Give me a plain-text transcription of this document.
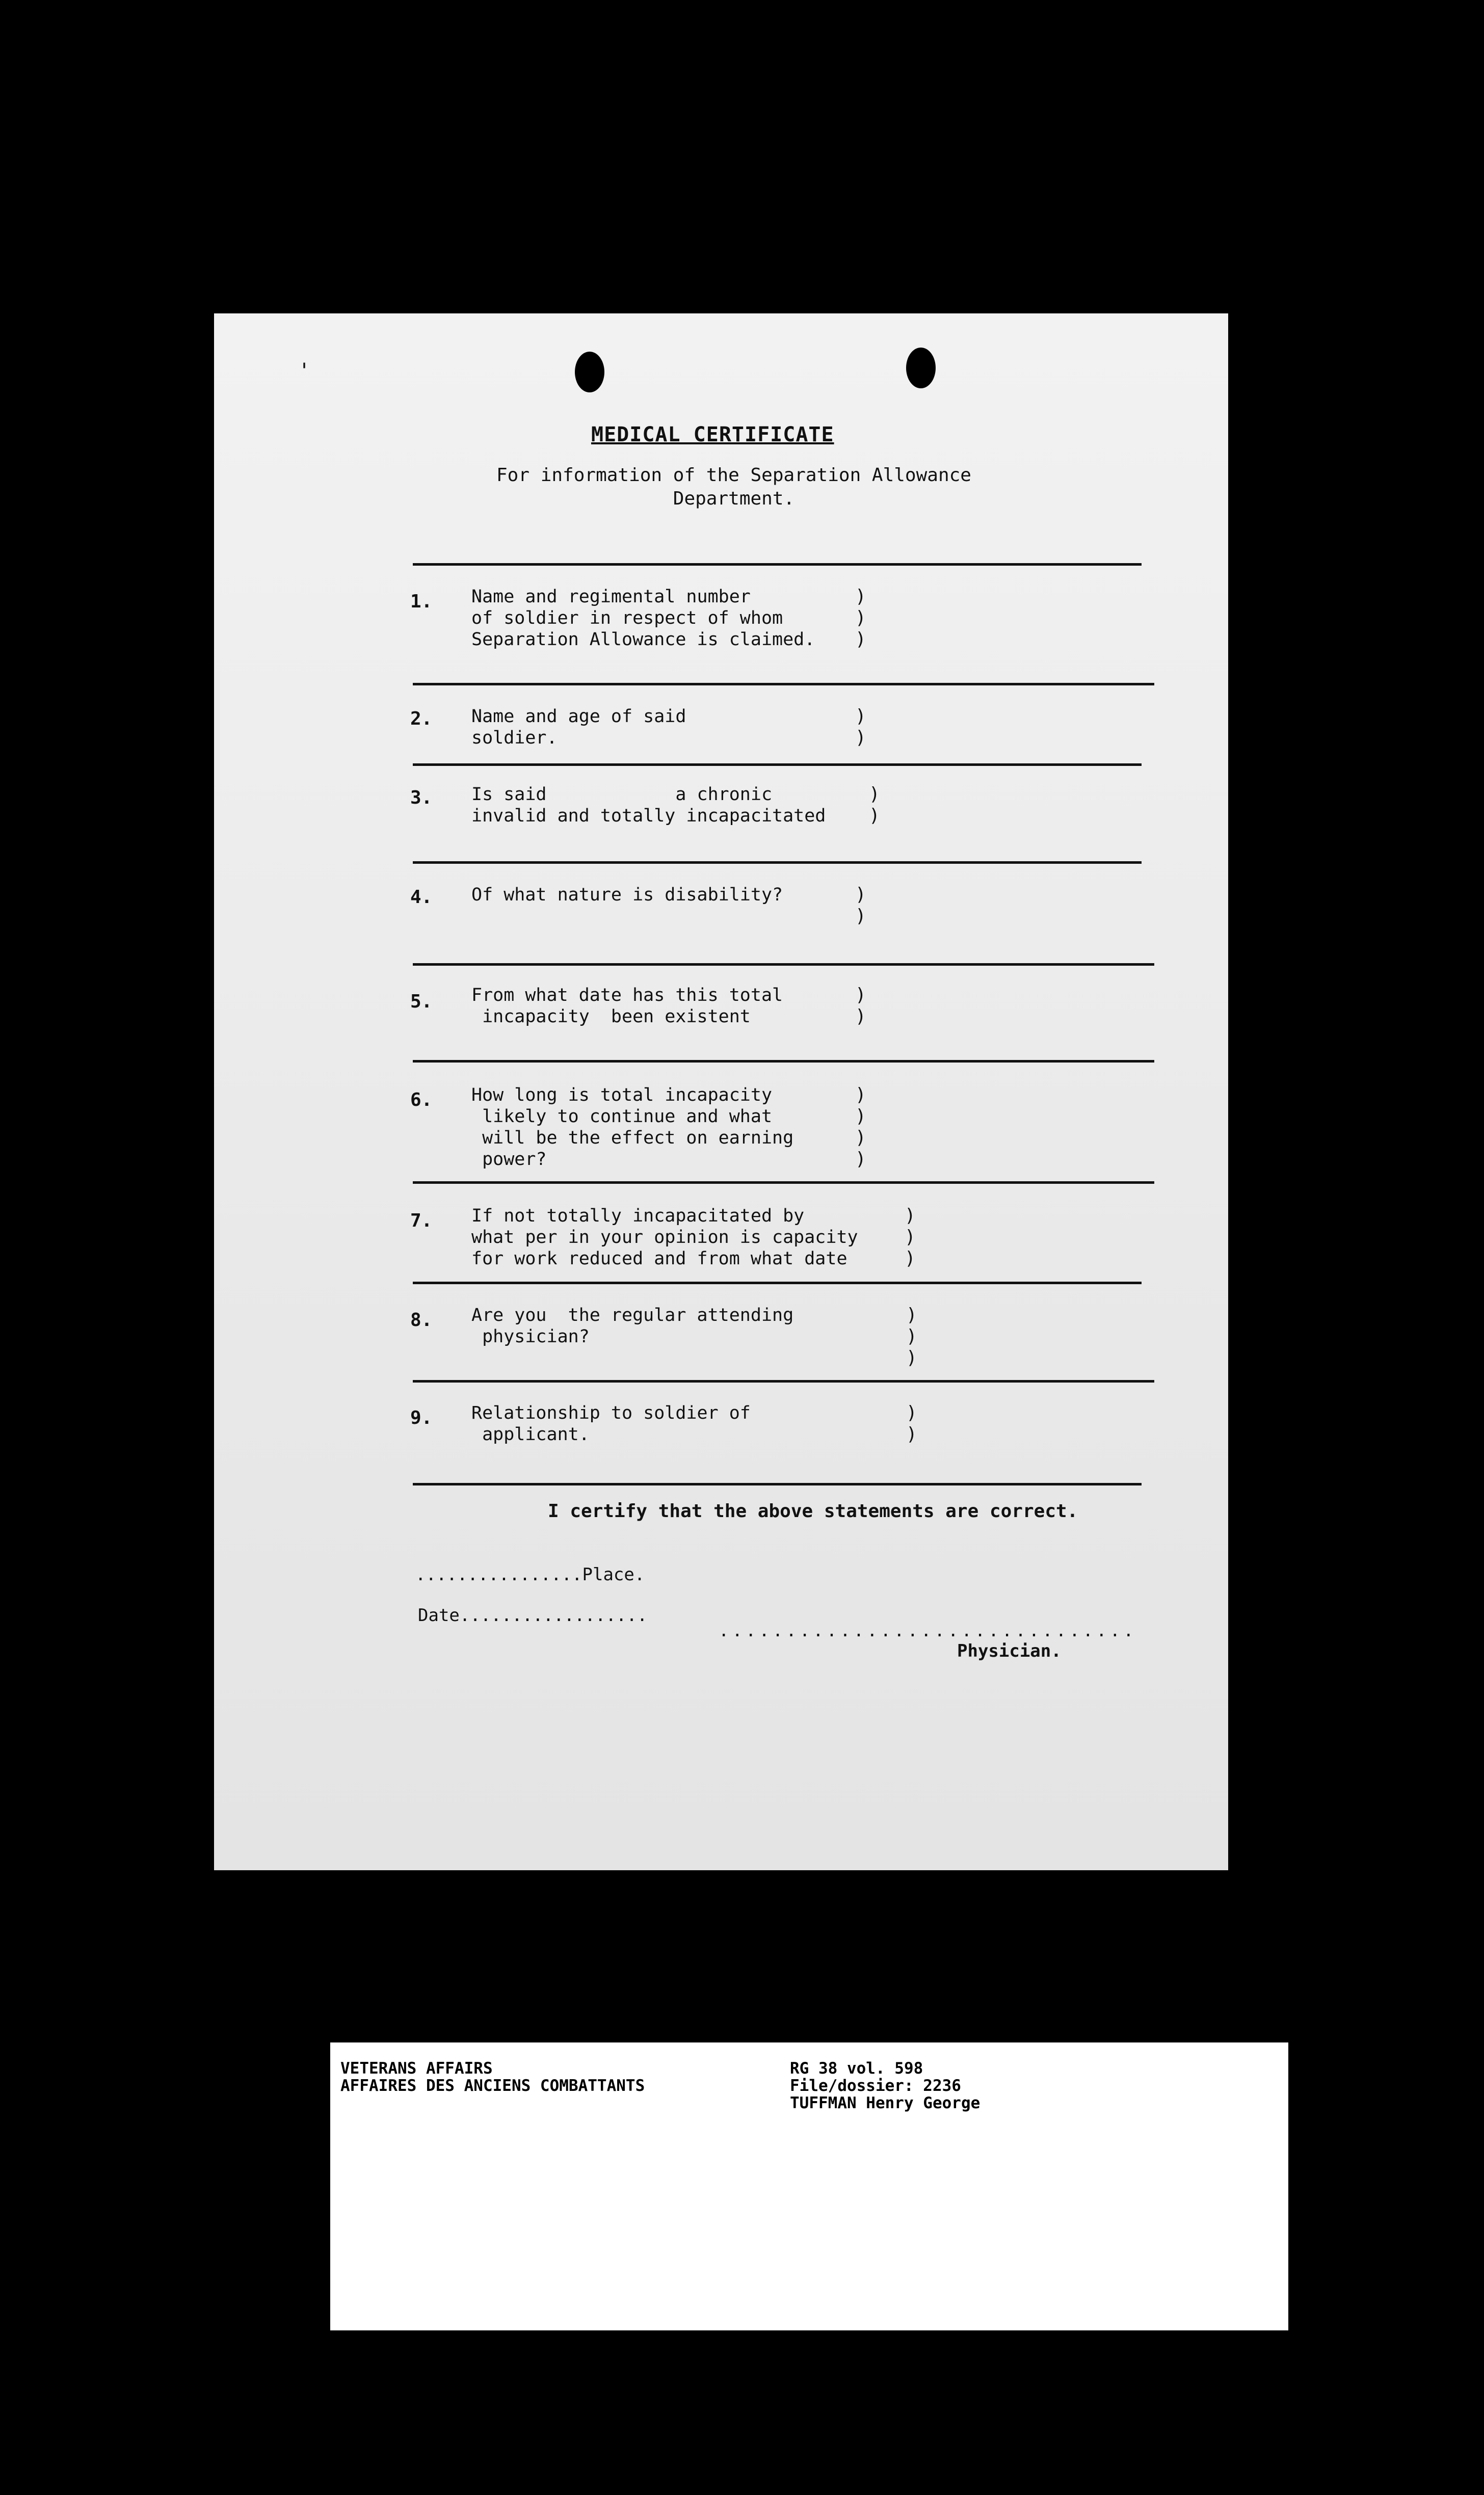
'
MEDICAL CERTIFICATE
For information of the Separation Allowance
Department.
1. Name and regimental number
of soldier in respect of whom
Separation Allowance is claimed.
)
)
)
2. Name and age of said
soldier.
)
)
3. Is said            a chronic
invalid and totally incapacitated
)
)
4. Of what nature is disability?	)
)
5. From what date has this total
incapacity  been existent
)
)
6. How long is total incapacity
likely to continue and what
will be the effect on earning
power?
)
)
)
)
7. If not totally incapacitated by
what per in your opinion is capacity
for work reduced and from what date
)
)
)
8. Are you  the regular attending
physician?
)
)
)
9. Relationship to soldier of
applicant.
)
)
I certify that the above statements are correct.
................Place.
Date..................
...............................
Physician.
VETERANS AFFAIRS
AFFAIRES DES ANCIENS COMBATTANTS
RG 38 vol. 598
File/dossier: 2236
TUFFMAN Henry George
